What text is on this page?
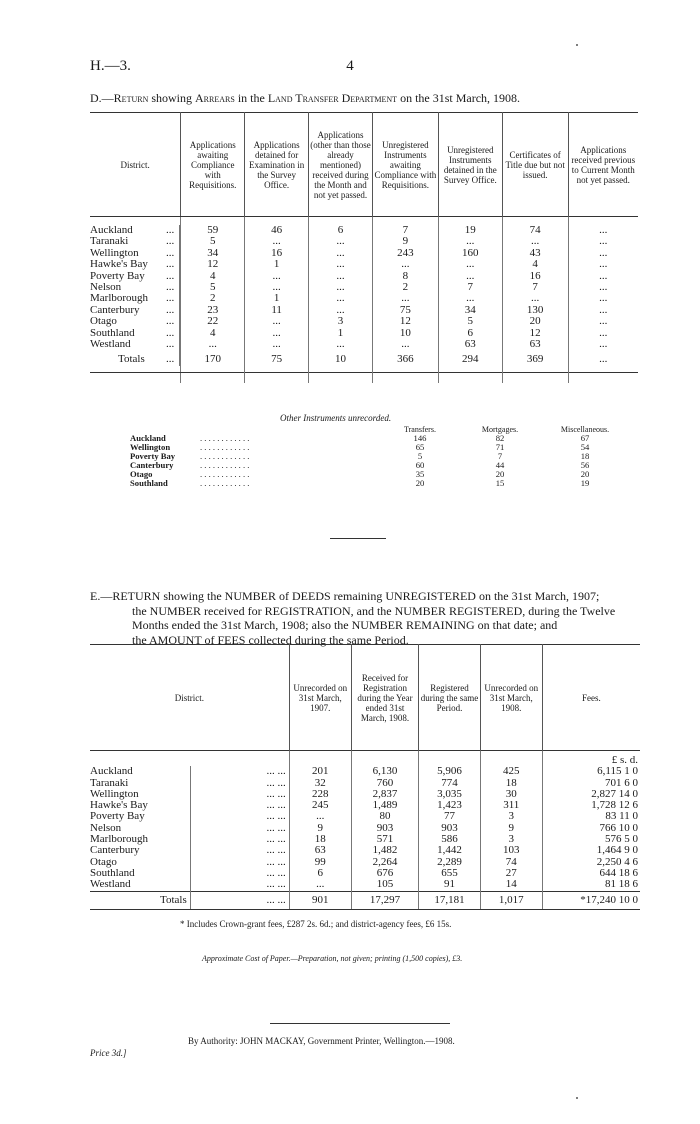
H.—3.	4
D.—Return showing Arrears in the Land Transfer Department on the 31st March, 1908.
District.	Applications awaiting Compliance with Requisitions.	Applications detained for Examination in the Survey Office.	Applications (other than those already mentioned) received during the Month and not yet passed.	Unregistered Instruments awaiting Compliance with Requisitions.	Unregistered Instruments detained in the Survey Office.	Certificates of Title due but not issued.	Applications received previous to Current Month not yet passed.

Auckland	...	59	46	6	7	19	74	...
Taranaki	...	5	...	...	9	...	...	...
Wellington	...	34	16	...	243	160	43	...
Hawke's Bay	...	12	1	...	...	...	4	...
Poverty Bay	...	4	...	...	8	...	16	...
Nelson	...	5	...	...	2	7	7	...
Marlborough	...	2	1	...	...	...	...	...
Canterbury	...	23	11	...	75	34	130	...
Otago	...	22	...	3	12	5	20	...
Southland	...	4	...	1	10	6	12	...
Westland	...	...	...	...	...	63	63	...
Totals	...	170	75	10	366	294	369	...

Other Instruments unrecorded.
		Transfers.	Mortgages.	Miscellaneous.
Auckland	. . . . . . . . . . . .	146	82	67
Wellington	. . . . . . . . . . . .	65	71	54
Poverty Bay	. . . . . . . . . . . .	5	7	18
Canterbury	. . . . . . . . . . . .	60	44	56
Otago	. . . . . . . . . . . .	35	20	20
Southland	. . . . . . . . . . . .	20	15	19
E.—RETURN showing the NUMBER of DEEDS remaining UNREGISTERED on the 31st March, 1907;
the NUMBER received for REGISTRATION, and the NUMBER REGISTERED, during the Twelve
Months ended the 31st March, 1908; also the NUMBER REMAINING on that date; and
the AMOUNT of FEES collected during the same Period.
District.		Unrecorded on 31st March, 1907.	Received for Registration during the Year ended 31st March, 1908.	Registered during the same Period.	Unrecorded on 31st March, 1908.	Fees.
						£ s. d.
Auckland	... ...	201	6,130	5,906	425	6,115 1 0
Taranaki	... ...	32	760	774	18	701 6 0
Wellington	... ...	228	2,837	3,035	30	2,827 14 0
Hawke's Bay	... ...	245	1,489	1,423	311	1,728 12 6
Poverty Bay	... ...	...	80	77	3	83 11 0
Nelson	... ...	9	903	903	9	766 10 0
Marlborough	... ...	18	571	586	3	576 5 0
Canterbury	... ...	63	1,482	1,442	103	1,464 9 0
Otago	... ...	99	2,264	2,289	74	2,250 4 6
Southland	... ...	6	676	655	27	644 18 6
Westland	... ...	...	105	91	14	81 18 6
Totals	... ...	901	17,297	17,181	1,017	*17,240 10 0
* Includes Crown-grant fees, £287 2s. 6d.; and district-agency fees, £6 15s.
Approximate Cost of Paper.—Preparation, not given; printing (1,500 copies), £3.
By Authority: JOHN MACKAY, Government Printer, Wellington.—1908.
Price 3d.]
